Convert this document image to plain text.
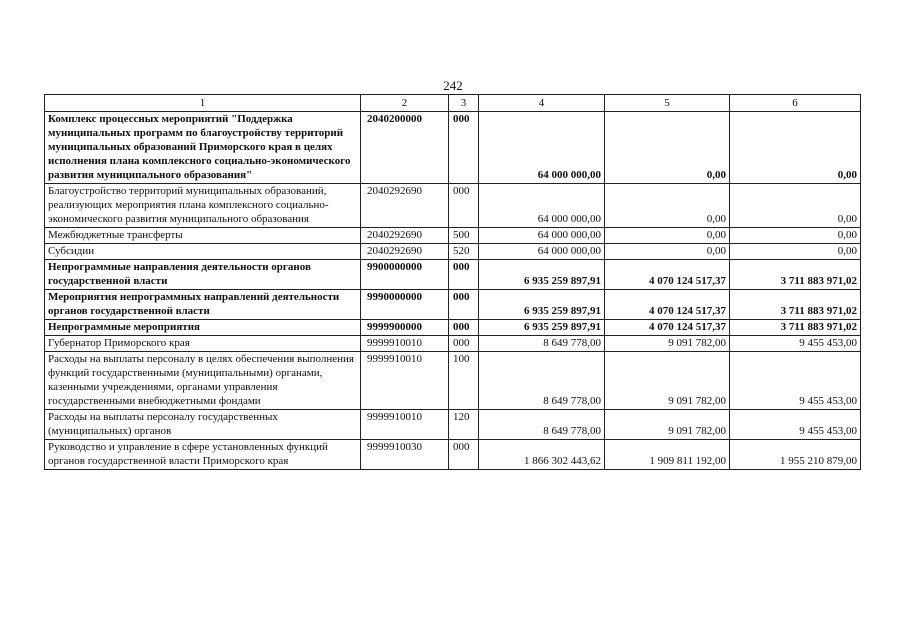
242
1	2	3	4	5	6
Комплекс процессных мероприятий "Поддержка муниципальных программ по благоустройству территорий муниципальных образований Приморского края в целях исполнения плана комплексного социально-экономического развития муниципального образования"	2040200000	000	64 000 000,00	0,00	0,00
Благоустройство территорий муниципальных образований, реализующих мероприятия плана комплексного социально-экономического развития муниципального образования	2040292690	000	64 000 000,00	0,00	0,00
Межбюджетные трансферты	2040292690	500	64 000 000,00	0,00	0,00
Субсидии	2040292690	520	64 000 000,00	0,00	0,00
Непрограммные направления деятельности органов государственной власти	9900000000	000	6 935 259 897,91	4 070 124 517,37	3 711 883 971,02
Мероприятия непрограммных направлений деятельности органов государственной власти	9990000000	000	6 935 259 897,91	4 070 124 517,37	3 711 883 971,02
Непрограммные мероприятия	9999900000	000	6 935 259 897,91	4 070 124 517,37	3 711 883 971,02
Губернатор Приморского края	9999910010	000	8 649 778,00	9 091 782,00	9 455 453,00
Расходы на выплаты персоналу в целях обеспечения выполнения функций государственными (муниципальными) органами, казенными учреждениями, органами управления государственными внебюджетными фондами	9999910010	100	8 649 778,00	9 091 782,00	9 455 453,00
Расходы на выплаты персоналу государственных (муниципальных) органов	9999910010	120	8 649 778,00	9 091 782,00	9 455 453,00
Руководство и управление в сфере установленных функций органов государственной власти Приморского края	9999910030	000	1 866 302 443,62	1 909 811 192,00	1 955 210 879,00
